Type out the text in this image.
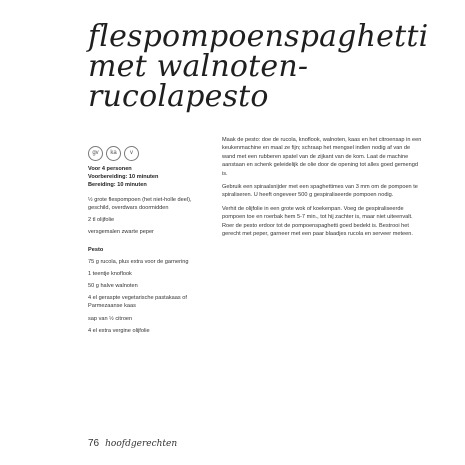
flespompoenspaghetti
met walnoten-
rucolapesto
gv	ka	v
Voor 4 personen
Voorbereiding: 10 minuten
Bereiding: 10 minuten
½ grote flespompoen (het niet-holle deel), geschild, overdwars doormidden
2 tl olijfolie
versgemalen zwarte peper
Pesto
75 g rucola, plus extra voor de garnering
1 teentje knoflook
50 g halve walnoten
4 el geraspte vegetarische pastakaas of Parmezaanse kaas
sap van ½ citroen
4 el extra vergine olijfolie

Maak de pesto: doe de rucola, knoflook, walnoten, kaas en het citroensap in een keukenmachine en maal ze fijn; schraap het mengsel indien nodig af van de wand met een rubberen spatel van de zijkant van de kom. Laat de machine aanstaan en schenk geleidelijk de olie door de opening tot alles goed gemengd is.

Gebruik een spiraalsnijder met een spaghettimes van 3 mm om de pompoen te spiraliseren. U heeft ongeveer 500 g gespiraliseerde pompoen nodig.

Verhit de olijfolie in een grote wok of koekenpan. Voeg de gespiraliseerde pompoen toe en roerbak hem 5-7 min., tot hij zachter is, maar niet uiteenvalt. Roer de pesto erdoor tot de pompoenspaghetti goed bedekt is. Bestrooi het gerecht met peper, garneer met een paar blaadjes rucola en serveer meteen.

76 hoofdgerechten
